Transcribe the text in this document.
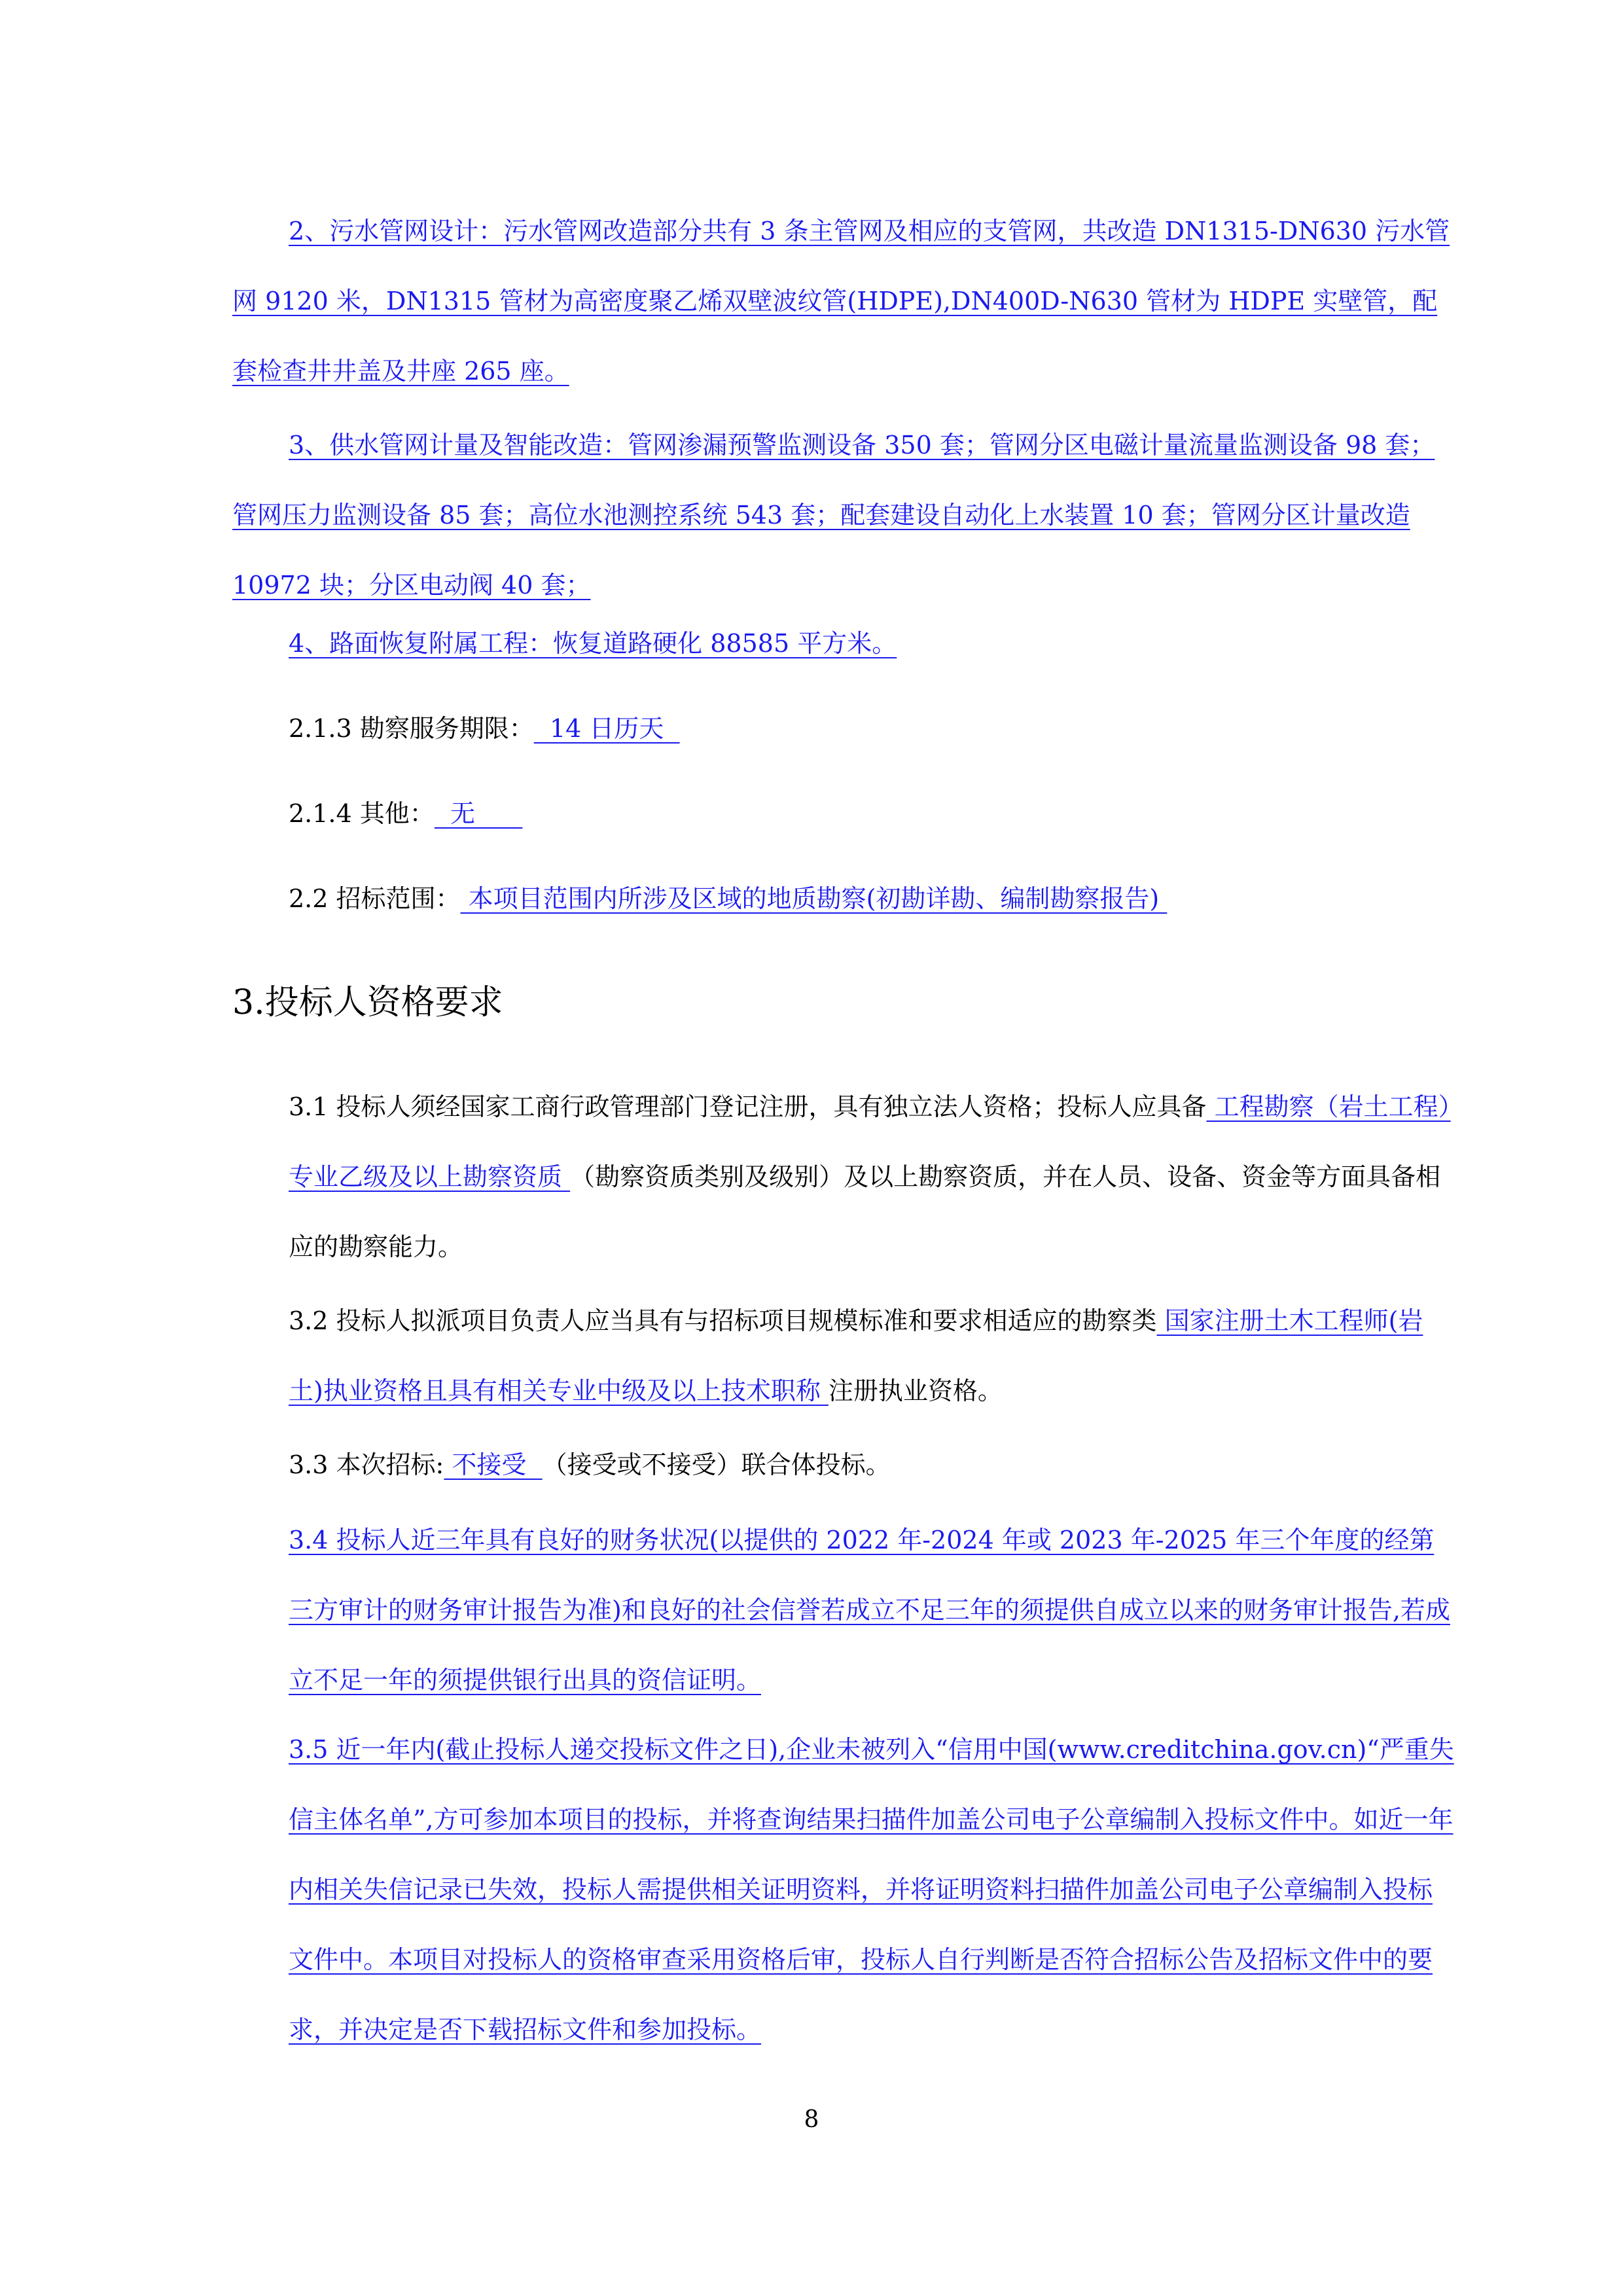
2、污水管网设计：污水管网改造部分共有 3 条主管网及相应的支管网，共改造 DN1315-DN630 污水管网 9120 米，DN1315 管材为高密度聚乙烯双壁波纹管(HDPE),DN400D-N630 管材为 HDPE 实壁管，配套检查井井盖及井座 265 座。
3、供水管网计量及智能改造：管网渗漏预警监测设备 350 套；管网分区电磁计量流量监测设备 98 套；管网压力监测设备 85 套；高位水池测控系统 543 套；配套建设自动化上水装置 10 套；管网分区计量改造 10972 块；分区电动阀 40 套；
4、路面恢复附属工程：恢复道路硬化 88585 平方米。
2.1.3 勘察服务期限：  14 日历天
2.1.4 其他：  无
2.2 招标范围： 本项目范围内所涉及区域的地质勘察(初勘详勘、编制勘察报告)
3.投标人资格要求
3.1 投标人须经国家工商行政管理部门登记注册，具有独立法人资格；投标人应具备 工程勘察（岩土工程）专业乙级及以上勘察资质 （勘察资质类别及级别）及以上勘察资质，并在人员、设备、资金等方面具备相应的勘察能力。
3.2 投标人拟派项目负责人应当具有与招标项目规模标准和要求相适应的勘察类 国家注册土木工程师(岩土)执业资格且具有相关专业中级及以上技术职称 注册执业资格。
3.3 本次招标: 不接受  （接受或不接受）联合体投标。
3.4 投标人近三年具有良好的财务状况(以提供的 2022 年-2024 年或 2023 年-2025 年三个年度的经第三方审计的财务审计报告为准)和良好的社会信誉若成立不足三年的须提供自成立以来的财务审计报告,若成立不足一年的须提供银行出具的资信证明。
3.5 近一年内(截止投标人递交投标文件之日),企业未被列入“信用中国(www.creditchina.gov.cn)“严重失信主体名单”,方可参加本项目的投标，并将查询结果扫描件加盖公司电子公章编制入投标文件中。如近一年内相关失信记录已失效，投标人需提供相关证明资料，并将证明资料扫描件加盖公司电子公章编制入投标文件中。本项目对投标人的资格审查采用资格后审，投标人自行判断是否符合招标公告及招标文件中的要求，并决定是否下载招标文件和参加投标。
8
